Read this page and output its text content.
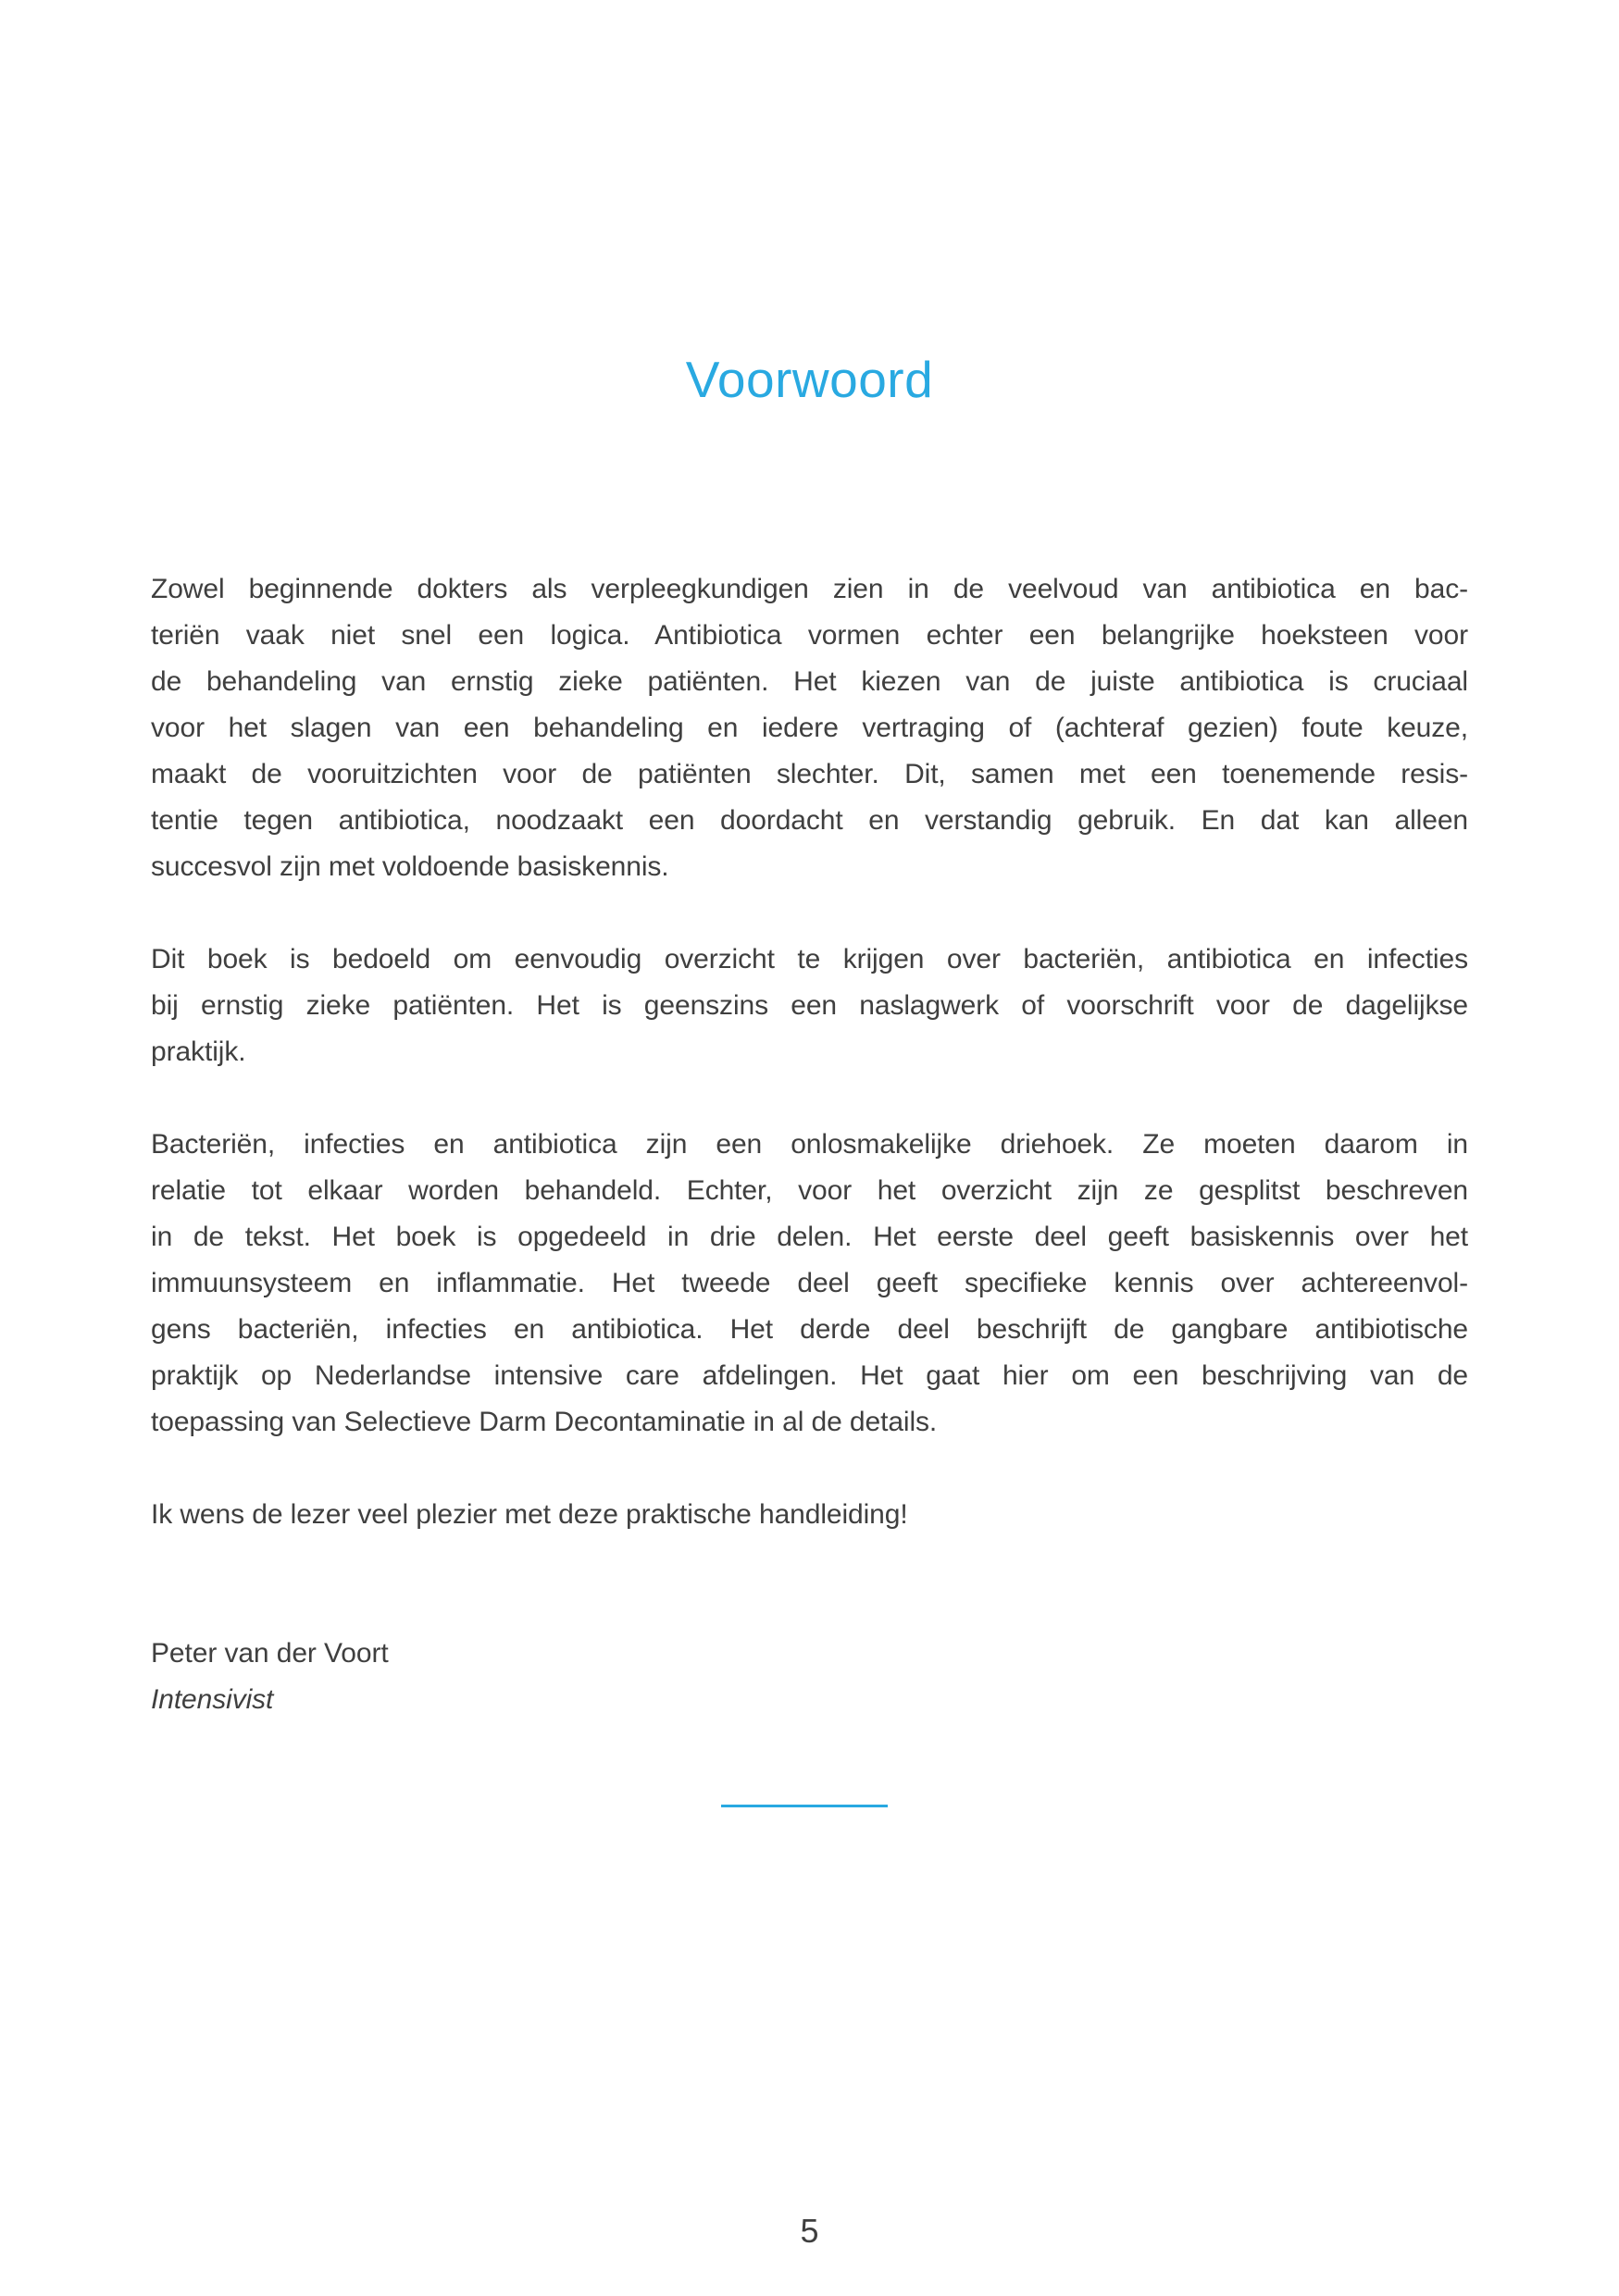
Voorwoord
Zowel beginnende dokters als verpleegkundigen zien in de veelvoud van antibiotica en bac-
teriën vaak niet snel een logica. Antibiotica vormen echter een belangrijke hoeksteen voor
de behandeling van ernstig zieke patiënten. Het kiezen van de juiste antibiotica is cruciaal
voor het slagen van een behandeling en iedere vertraging of (achteraf gezien) foute keuze,
maakt de vooruitzichten voor de patiënten slechter. Dit, samen met een toenemende resis-
tentie tegen antibiotica, noodzaakt een doordacht en verstandig gebruik. En dat kan alleen
succesvol zijn met voldoende basiskennis.
Dit boek is bedoeld om eenvoudig overzicht te krijgen over bacteriën, antibiotica en infecties
bij ernstig zieke patiënten. Het is geenszins een naslagwerk of voorschrift voor de dagelijkse
praktijk.
Bacteriën, infecties en antibiotica zijn een onlosmakelijke driehoek. Ze moeten daarom in
relatie tot elkaar worden behandeld. Echter, voor het overzicht zijn ze gesplitst beschreven
in de tekst. Het boek is opgedeeld in drie delen. Het eerste deel geeft basiskennis over het
immuunsysteem en inflammatie. Het tweede deel geeft specifieke kennis over achtereenvol-
gens bacteriën, infecties en antibiotica. Het derde deel beschrijft de gangbare antibiotische
praktijk op Nederlandse intensive care afdelingen. Het gaat hier om een beschrijving van de
toepassing van Selectieve Darm Decontaminatie in al de details.
Ik wens de lezer veel plezier met deze praktische handleiding!
Peter van der Voort
Intensivist
5
